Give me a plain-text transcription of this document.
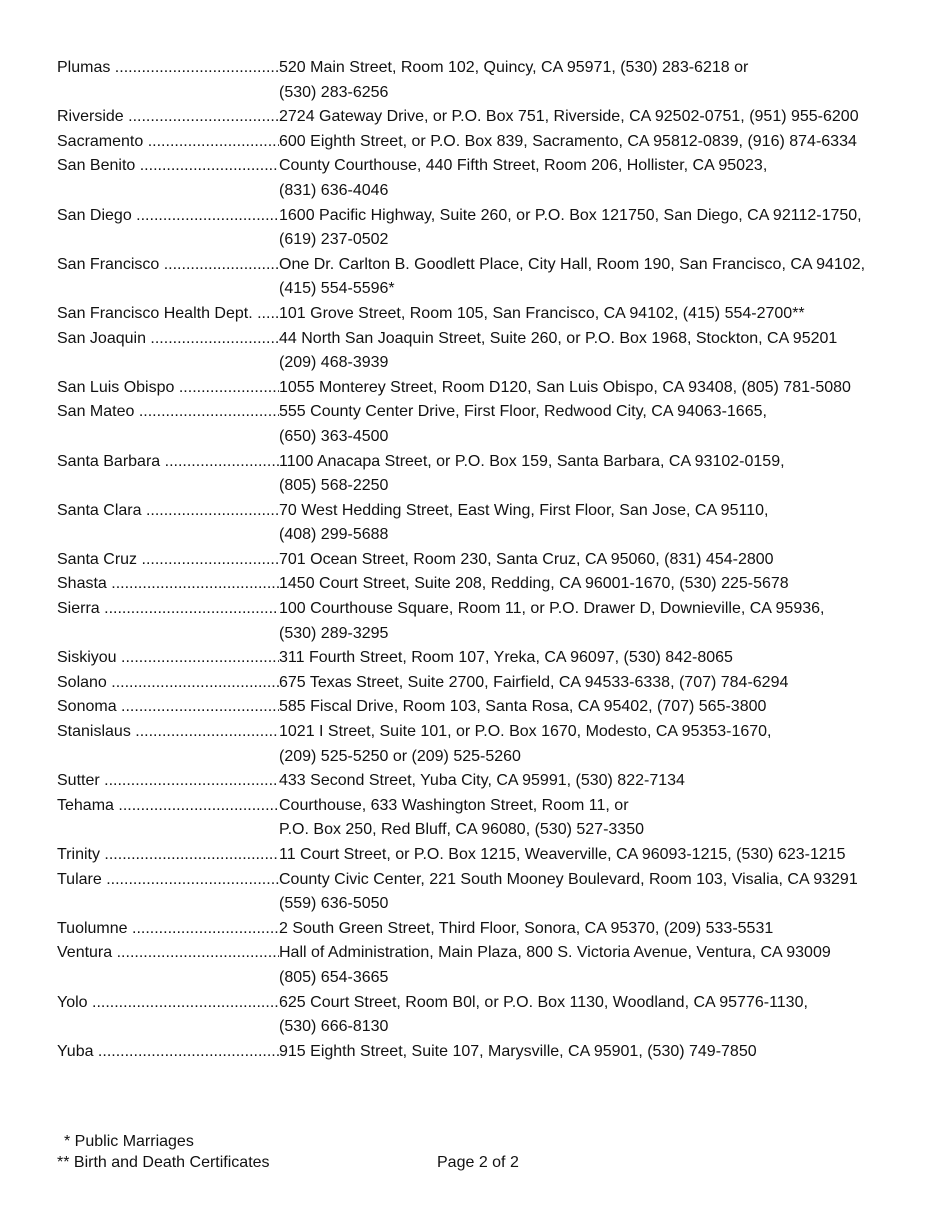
Plumas .....	520 Main Street, Room 102, Quincy, CA 95971, (530) 283-6218 or
(530) 283-6256
Riverside .....	2724 Gateway Drive, or P.O. Box 751, Riverside, CA 92502-0751, (951) 955-6200
Sacramento .....	600 Eighth Street, or P.O. Box 839, Sacramento, CA 95812-0839, (916) 874-6334
San Benito .....	County Courthouse, 440 Fifth Street, Room 206, Hollister, CA 95023,
(831) 636-4046
San Diego .....	1600 Pacific Highway, Suite 260, or P.O. Box 121750, San Diego, CA 92112-1750,
(619) 237-0502
San Francisco .....	One Dr. Carlton B. Goodlett Place, City Hall, Room 190, San Francisco, CA 94102,
(415) 554-5596*
San Francisco Health Dept. .....	101 Grove Street, Room 105, San Francisco, CA 94102, (415) 554-2700**
San Joaquin .....	44 North San Joaquin Street, Suite 260, or P.O. Box 1968, Stockton, CA 95201
(209) 468-3939
San Luis Obispo .....	1055 Monterey Street, Room D120, San Luis Obispo, CA 93408, (805) 781-5080
San Mateo .....	555 County Center Drive, First Floor, Redwood City, CA 94063-1665,
(650) 363-4500
Santa Barbara .....	1100 Anacapa Street, or P.O. Box 159, Santa Barbara, CA 93102-0159,
(805) 568-2250
Santa Clara .....	70 West Hedding Street, East Wing, First Floor, San Jose, CA 95110,
(408) 299-5688
Santa Cruz .....	701 Ocean Street, Room 230, Santa Cruz, CA 95060, (831) 454-2800
Shasta .....	1450 Court Street, Suite 208, Redding, CA 96001-1670, (530) 225-5678
Sierra .....	100 Courthouse Square, Room 11, or P.O. Drawer D, Downieville, CA 95936,
(530) 289-3295
Siskiyou .....	311 Fourth Street, Room 107, Yreka, CA 96097, (530) 842-8065
Solano .....	675 Texas Street, Suite 2700, Fairfield, CA 94533-6338, (707) 784-6294
Sonoma .....	585 Fiscal Drive, Room 103, Santa Rosa, CA 95402, (707) 565-3800
Stanislaus .....	1021 I Street, Suite 101, or P.O. Box 1670, Modesto, CA 95353-1670,
(209) 525-5250 or (209) 525-5260
Sutter .....	433 Second Street, Yuba City, CA 95991, (530) 822-7134
Tehama .....	Courthouse, 633 Washington Street, Room 11, or
P.O. Box 250, Red Bluff, CA 96080, (530) 527-3350
Trinity .....	11 Court Street, or P.O. Box 1215, Weaverville, CA 96093-1215, (530) 623-1215
Tulare .....	County Civic Center, 221 South Mooney Boulevard, Room 103, Visalia, CA 93291
(559) 636-5050
Tuolumne .....	2 South Green Street, Third Floor, Sonora, CA 95370, (209) 533-5531
Ventura .....	Hall of Administration, Main Plaza, 800 S. Victoria Avenue, Ventura, CA 93009
(805) 654-3665
Yolo .....	625 Court Street, Room B0l, or P.O. Box 1130, Woodland, CA 95776-1130,
(530) 666-8130
Yuba .....	915 Eighth Street, Suite 107, Marysville, CA 95901, (530) 749-7850
* Public Marriages
** Birth and Death Certificates	Page 2 of 2
